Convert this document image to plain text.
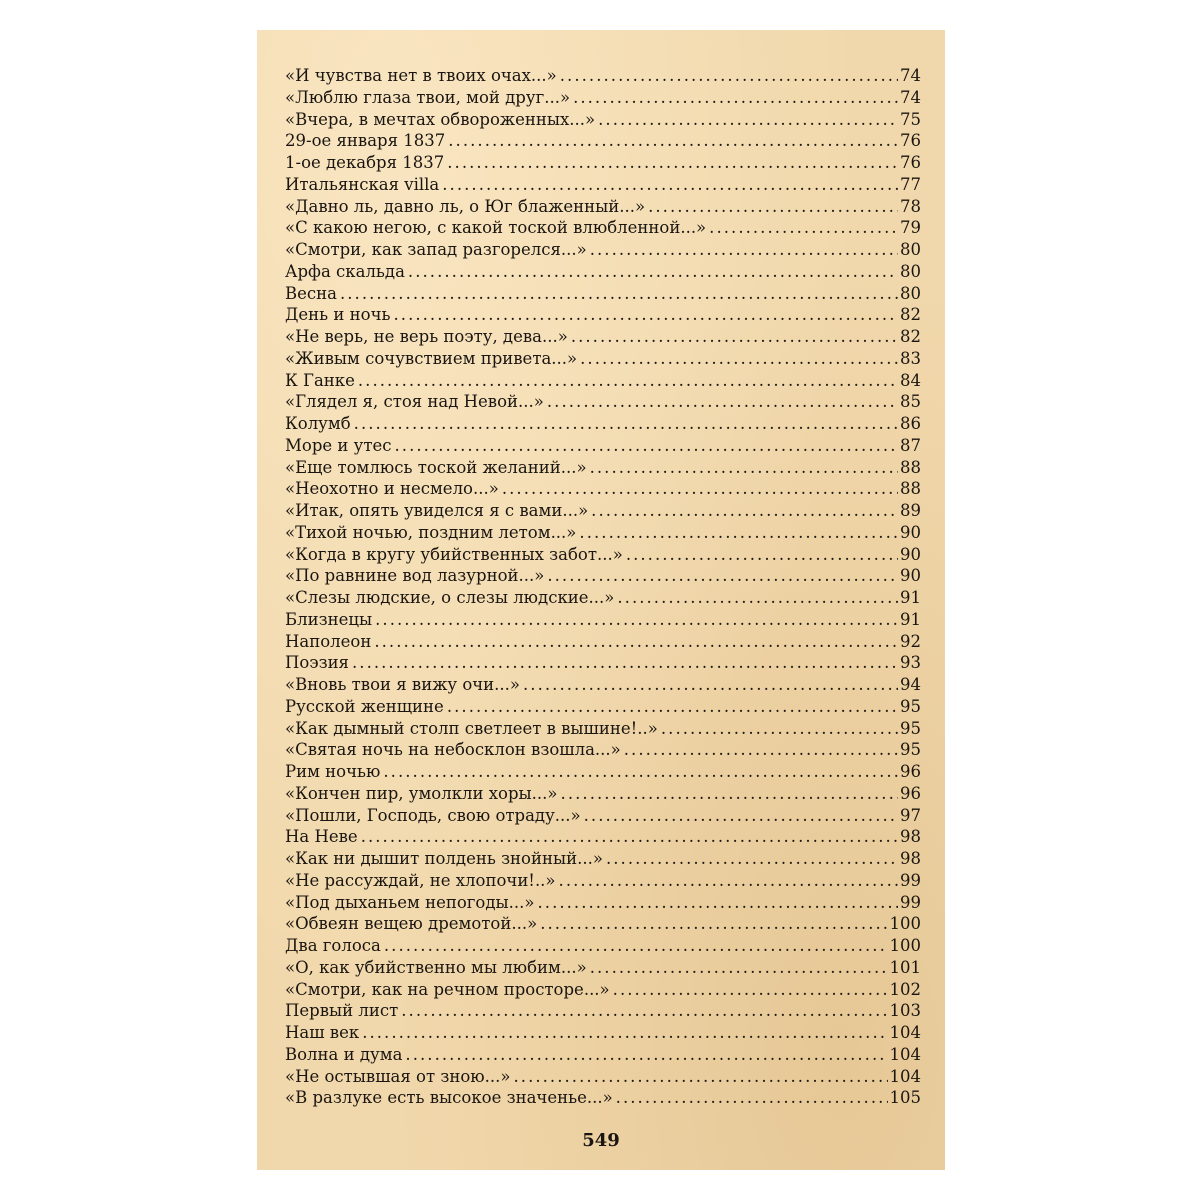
«И чувства нет в твоих очах...» . . .	74
«Люблю глаза твои, мой друг...» . . .	74
«Вчера, в мечтах обвороженных...» . . .	75
29-ое января 1837 . . .	76
1-ое декабря 1837 . . .	76
Итальянская villa . . .	77
«Давно ль, давно ль, о Юг блаженный...» . . .	78
«С какою негою, с какой тоской влюбленной...» . . .	79
«Смотри, как запад разгорелся...» . . .	80
Арфа скальда . . .	80
Весна . . .	80
День и ночь . . .	82
«Не верь, не верь поэту, дева...» . . .	82
«Живым сочувствием привета...» . . .	83
К Ганке . . .	84
«Глядел я, стоя над Невой...» . . .	85
Колумб . . .	86
Море и утес . . .	87
«Еще томлюсь тоской желаний...» . . .	88
«Неохотно и несмело...» . . .	88
«Итак, опять увиделся я с вами...» . . .	89
«Тихой ночью, поздним летом...» . . .	90
«Когда в кругу убийственных забот...» . . .	90
«По равнине вод лазурной...» . . .	90
«Слезы людские, о слезы людские...» . . .	91
Близнецы . . .	91
Наполеон . . .	92
Поэзия . . .	93
«Вновь твои я вижу очи...» . . .	94
Русской женщине . . .	95
«Как дымный столп светлеет в вышине!..» . . .	95
«Святая ночь на небосклон взошла...» . . .	95
Рим ночью . . .	96
«Кончен пир, умолкли хоры...» . . .	96
«Пошли, Господь, свою отраду...» . . .	97
На Неве . . .	98
«Как ни дышит полдень знойный...» . . .	98
«Не рассуждай, не хлопочи!..» . . .	99
«Под дыханьем непогоды...» . . .	99
«Обвеян вещею дремотой...» . . .	100
Два голоса . . .	100
«О, как убийственно мы любим...» . . .	101
«Смотри, как на речном просторе...» . . .	102
Первый лист . . .	103
Наш век . . .	104
Волна и дума . . .	104
«Не остывшая от зною...» . . .	104
«В разлуке есть высокое значенье...» . . .	105
549
